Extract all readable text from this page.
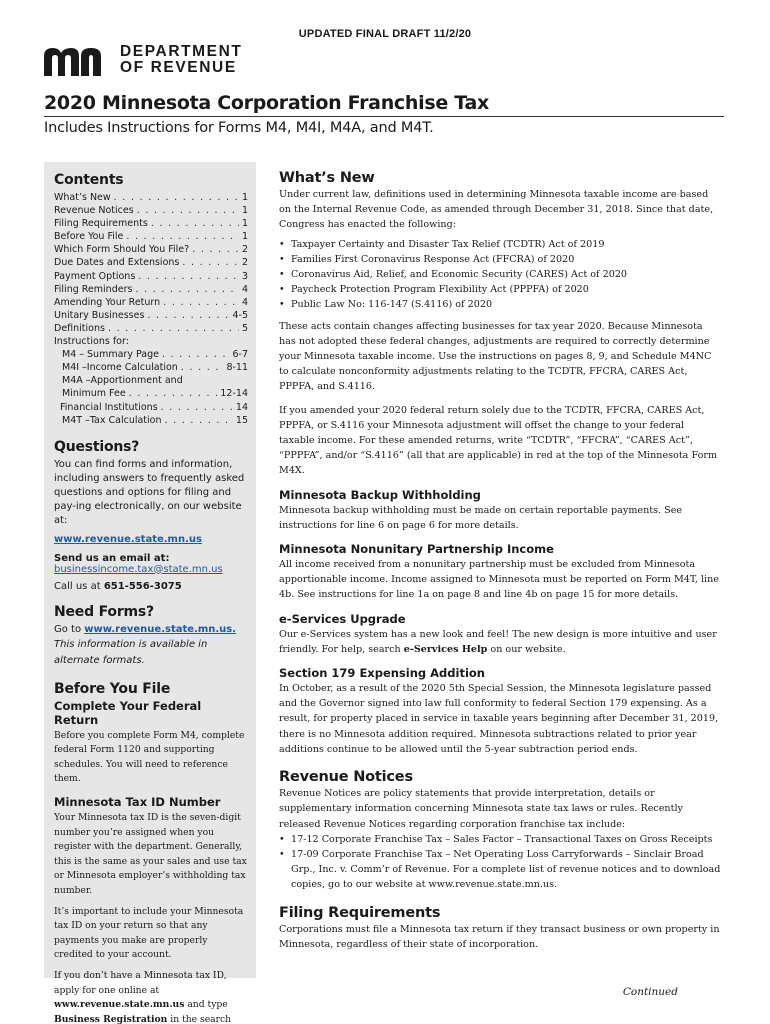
UPDATED FINAL DRAFT 11/2/20
DEPARTMENT
OF REVENUE
2020 Minnesota Corporation Franchise Tax
Includes Instructions for Forms M4, M4I, M4A, and M4T.
Contents
What’s New . . .	1
Revenue Notices . . .	1
Filing Requirements . . .	1
Before You File . . .	1
Which Form Should You File? . . .	2
Due Dates and Extensions . . .	2
Payment Options . . .	3
Filing Reminders . . .	4
Amending Your Return . . .	4
Unitary Businesses . . .	4-5
Definitions . . .	5
Instructions for:
M4 – Summary Page . . .	6-7
M4I –Income Calculation . . .	8-11
M4A –Apportionment and
Minimum Fee . . .	12-14
Financial Institutions . . .	14
M4T –Tax Calculation . . .	15
Questions?
You can find forms and information, including answers to frequently asked questions and options for filing and pay-ing electronically, on our website at:
www.revenue.state.mn.us
Send us an email at:
businessincome.tax@state.mn.us
Call us at 651-556-3075
Need Forms?
Go to www.revenue.state.mn.us.
This information is available in alternate formats.
Before You File
Complete Your Federal Return
Before you complete Form M4, complete federal Form 1120 and supporting schedules. You will need to reference them.
Minnesota Tax ID Number
Your Minnesota tax ID is the seven-digit number you’re assigned when you register with the department. Generally, this is the same as your sales and use tax or Minnesota employer’s withholding tax number.
It’s important to include your Minnesota tax ID on your return so that any payments you make are properly credited to your account.
If you don’t have a Minnesota tax ID, apply for one online at www.revenue.state.mn.us and type Business Registration in the search
What’s New
Under current law, definitions used in determining Minnesota taxable income are based on the Internal Revenue Code, as amended through December 31, 2018. Since that date, Congress has enacted the following:
• Taxpayer Certainty and Disaster Tax Relief (TCDTR) Act of 2019
• Families First Coronavirus Response Act (FFCRA) of 2020
• Coronavirus Aid, Relief, and Economic Security (CARES) Act of 2020
• Paycheck Protection Program Flexibility Act (PPPFA) of 2020
• Public Law No: 116-147 (S.4116) of 2020
These acts contain changes affecting businesses for tax year 2020. Because Minnesota has not adopted these federal changes, adjustments are required to correctly determine your Minnesota taxable income. Use the instructions on pages 8, 9, and Schedule M4NC to calculate nonconformity adjustments relating to the TCDTR, FFCRA, CARES Act, PPPFA, and S.4116.
If you amended your 2020 federal return solely due to the TCDTR, FFCRA, CARES Act, PPPFA, or S.4116 your Minnesota adjustment will offset the change to your federal taxable income. For these amended returns, write “TCDTR”, “FFCRA”, “CARES Act”, “PPPFA”, and/or “S.4116” (all that are applicable) in red at the top of the Minnesota Form M4X.
Minnesota Backup Withholding
Minnesota backup withholding must be made on certain reportable payments. See instructions for line 6 on page 6 for more details.
Minnesota Nonunitary Partnership Income
All income received from a nonunitary partnership must be excluded from Minnesota apportionable income. Income assigned to Minnesota must be reported on Form M4T, line 4b. See instructions for line 1a on page 8 and line 4b on page 15 for more details.
e-Services Upgrade
Our e-Services system has a new look and feel! The new design is more intuitive and user friendly. For help, search e-Services Help on our website.
Section 179 Expensing Addition
In October, as a result of the 2020 5th Special Session, the Minnesota legislature passed and the Governor signed into law full conformity to federal Section 179 expensing. As a result, for property placed in service in taxable years beginning after December 31, 2019, there is no Minnesota addition required. Minnesota subtractions related to prior year additions continue to be allowed until the 5-year subtraction period ends.
Revenue Notices
Revenue Notices are policy statements that provide interpretation, details or supplementary information concerning Minnesota state tax laws or rules. Recently released Revenue Notices regarding corporation franchise tax include:
• 17-12 Corporate Franchise Tax – Sales Factor – Transactional Taxes on Gross Receipts
• 17-09 Corporate Franchise Tax – Net Operating Loss Carryforwards – Sinclair Broad Grp., Inc. v. Comm’r of Revenue. For a complete list of revenue notices and to download copies, go to our website at www.revenue.state.mn.us.
Filing Requirements
Corporations must file a Minnesota tax return if they transact business or own property in Minnesota, regardless of their state of incorporation.
Continued
